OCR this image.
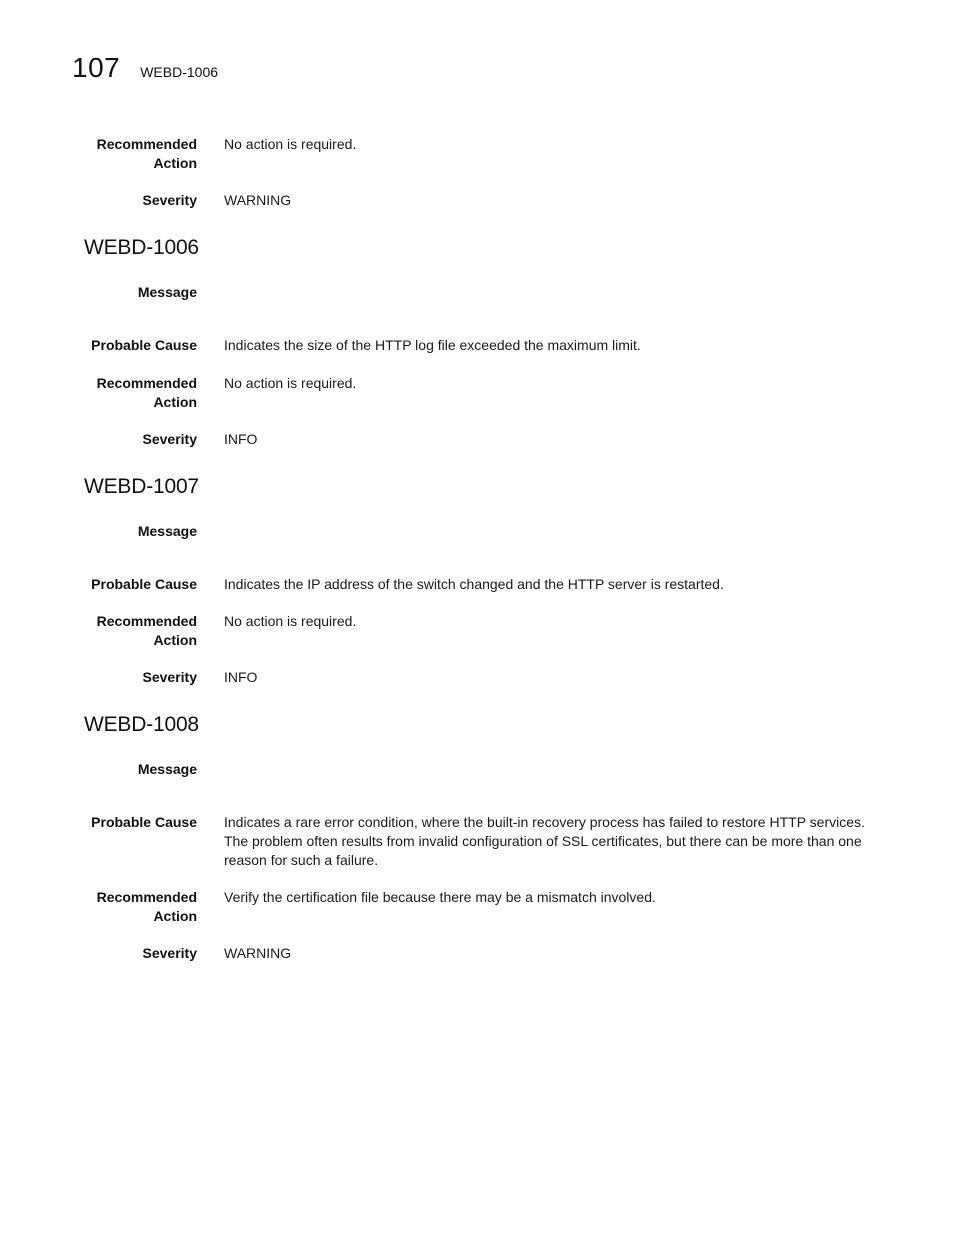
107 WEBD-1006
Recommended Action
No action is required.
Severity WARNING
WEBD-1006
Message
Probable Cause Indicates the size of the HTTP log file exceeded the maximum limit.
Recommended Action
No action is required.
Severity INFO
WEBD-1007
Message
Probable Cause Indicates the IP address of the switch changed and the HTTP server is restarted.
Recommended Action
No action is required.
Severity INFO
WEBD-1008
Message
Probable Cause Indicates a rare error condition, where the built-in recovery process has failed to restore HTTP services. The problem often results from invalid configuration of SSL certificates, but there can be more than one reason for such a failure.
Recommended Action
Verify the certification file because there may be a mismatch involved.
Severity WARNING
